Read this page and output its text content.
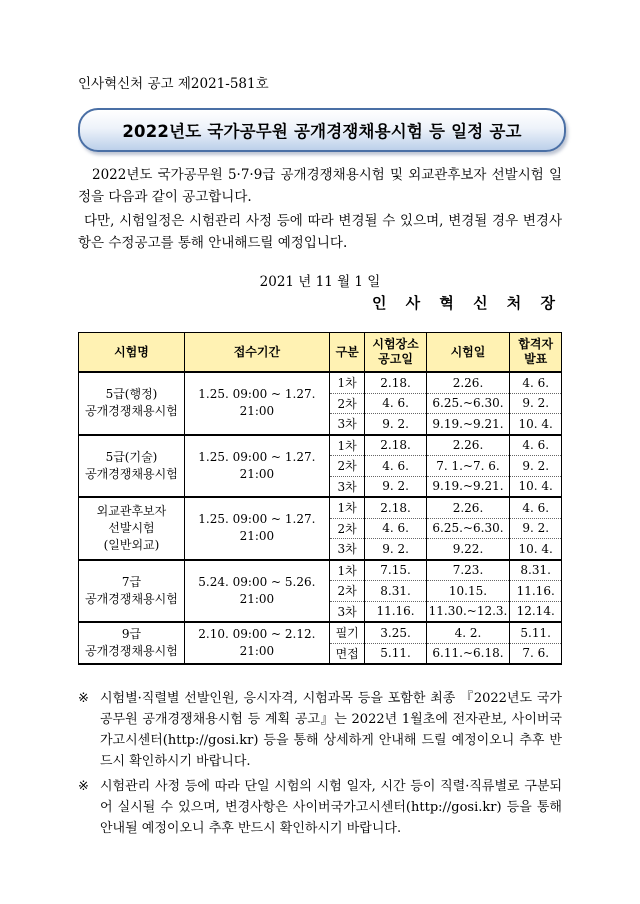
인사혁신처 공고 제2021-581호
2022년도 국가공무원 공개경쟁채용시험 등 일정 공고
2022년도 국가공무원 5·7·9급 공개경쟁채용시험 및 외교관후보자 선발시험 일정을 다음과 같이 공고합니다.
다만, 시험일정은 시험관리 사정 등에 따라 변경될 수 있으며, 변경될 경우 변경사항은 수정공고를 통해 안내해드릴 예정입니다.
2021 년 11 월 1 일
인 사 혁 신 처 장
시험명	접수기간	구분	시험장소
공고일	시험일	합격자
발표

5급(행정)
공개경쟁채용시험	1.25. 09:00 ~ 1.27. 21:00	1차	2.18.	2.26.	4. 6.
		2차	4. 6.	6.25.~6.30.	9. 2.
		3차	9. 2.	9.19.~9.21.	10. 4.

5급(기술)
공개경쟁채용시험	1.25. 09:00 ~ 1.27. 21:00	1차	2.18.	2.26.	4. 6.
		2차	4. 6.	7. 1.~7. 6.	9. 2.
		3차	9. 2.	9.19.~9.21.	10. 4.

외교관후보자
선발시험
(일반외교)	1.25. 09:00 ~ 1.27. 21:00	1차	2.18.	2.26.	4. 6.
		2차	4. 6.	6.25.~6.30.	9. 2.
		3차	9. 2.	9.22.	10. 4.

7급
공개경쟁채용시험	5.24. 09:00 ~ 5.26. 21:00	1차	7.15.	7.23.	8.31.
		2차	8.31.	10.15.	11.16.
		3차	11.16.	11.30.~12.3.	12.14.

9급
공개경쟁채용시험	2.10. 09:00 ~ 2.12. 21:00	필기	3.25.	4. 2.	5.11.
		면접	5.11.	6.11.~6.18.	7. 6.
※ 시험별·직렬별 선발인원, 응시자격, 시험과목 등을 포함한 최종 『2022년도 국가공무원 공개경쟁채용시험 등 계획 공고』는 2022년 1월초에 전자관보, 사이버국가고시센터(http://gosi.kr) 등을 통해 상세하게 안내해 드릴 예정이오니 추후 반드시 확인하시기 바랍니다.
※ 시험관리 사정 등에 따라 단일 시험의 시험 일자, 시간 등이 직렬·직류별로 구분되어 실시될 수 있으며, 변경사항은 사이버국가고시센터(http://gosi.kr) 등을 통해 안내될 예정이오니 추후 반드시 확인하시기 바랍니다.
